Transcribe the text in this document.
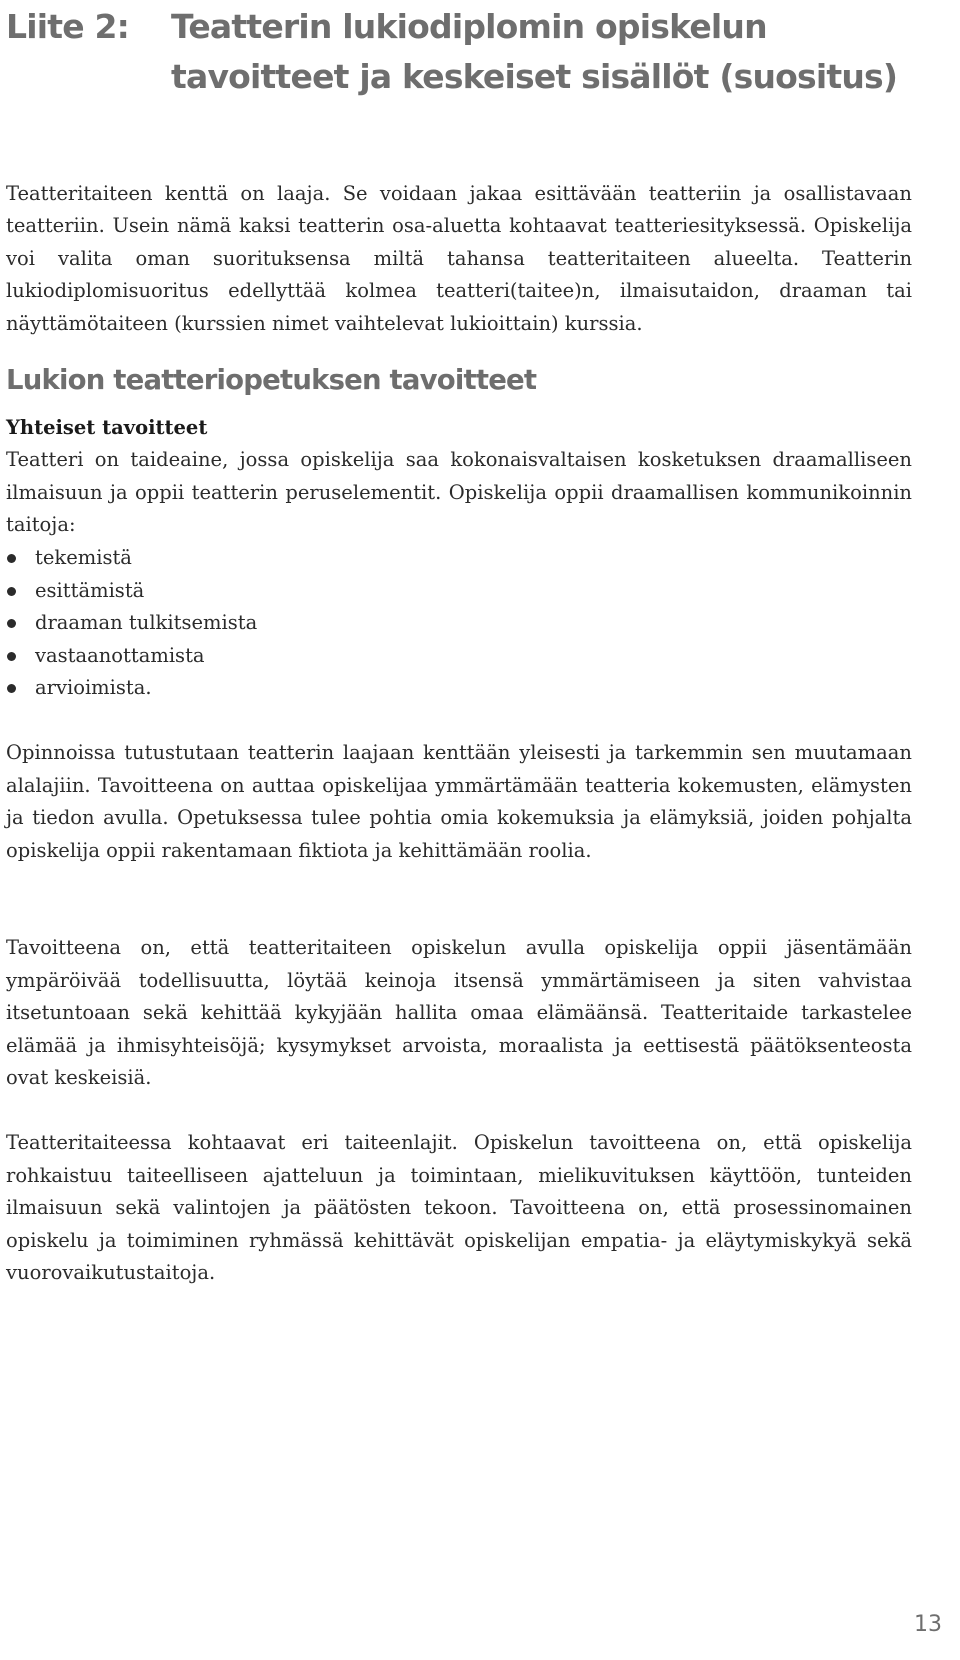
Liite 2: Teatterin lukiodiplomin opiskelun tavoitteet ja keskeiset sisällöt (suositus)

Teatteritaiteen kenttä on laaja. Se voidaan jakaa esittävään teatteriin ja osallistavaan teatteriin. Usein nämä kaksi teatterin osa-aluetta kohtaavat teatteriesityksessä. Opiskelija voi valita oman suorituksensa miltä tahansa teatteritaiteen alueelta. Teatterin lukiodiplomisuoritus edellyttää kolmea teatteri(taitee)n, ilmaisutaidon, draaman tai näyttämötaiteen (kurssien nimet vaihtelevat lukioittain) kurssia.

Lukion teatteriopetuksen tavoitteet
Yhteiset tavoitteet

Teatteri on taideaine, jossa opiskelija saa kokonaisvaltaisen kosketuksen draamalliseen ilmaisuun ja oppii teatterin peruselementit. Opiskelija oppii draamallisen kommunikoinnin taitoja:

tekemistä
esittämistä
draaman tulkitsemista
vastaanottamista
arvioimista.

Opinnoissa tutustutaan teatterin laajaan kenttään yleisesti ja tarkemmin sen muutamaan alalajiin. Tavoitteena on auttaa opiskelijaa ymmärtämään teatteria kokemusten, elämysten ja tiedon avulla. Opetuksessa tulee pohtia omia kokemuksia ja elämyksiä, joiden pohjalta opiskelija oppii rakentamaan fiktiota ja kehittämään roolia.

Tavoitteena on, että teatteritaiteen opiskelun avulla opiskelija oppii jäsentämään ympäröivää todellisuutta, löytää keinoja itsensä ymmärtämiseen ja siten vahvistaa itsetuntoaan sekä kehittää kykyjään hallita omaa elämäänsä. Teatteritaide tarkastelee elämää ja ihmisyhteisöjä; kysymykset arvoista, moraalista ja eettisestä päätöksenteosta ovat keskeisiä.

Teatteritaiteessa kohtaavat eri taiteenlajit. Opiskelun tavoitteena on, että opiskelija rohkaistuu taiteelliseen ajatteluun ja toimintaan, mielikuvituksen käyttöön, tunteiden ilmaisuun sekä valintojen ja päätösten tekoon. Tavoitteena on, että prosessinomainen opiskelu ja toimiminen ryhmässä kehittävät opiskelijan empatia- ja eläytymiskykyä sekä vuorovaikutustaitoja.

13
